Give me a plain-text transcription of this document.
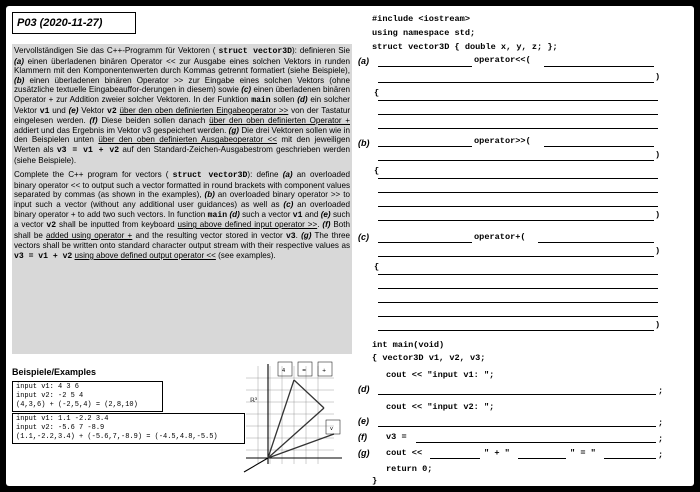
P03 (2020-11-27)

Vervollständigen Sie das C++-Programm für Vektoren ( struct vector3D): definieren Sie (a) einen überladenen binären Operator << zur Ausgabe eines solchen Vektors in runden Klammern mit den Komponentenwerten durch Kommas getrennt formatiert (siehe Beispiele), (b) einen überladenen binären Operator >> zur Eingabe eines solchen Vektors (ohne zusätzliche textuelle Eingabeauffor-derungen in diesem) sowie (c) einen überladenen binären Operator + zur Addition zweier solcher Vektoren. In der Funktion main sollen (d) ein solcher Vektor v1 und (e) Vektor v2 über den oben definierten Eingabeoperator >> von der Tastatur eingelesen werden. (f) Diese beiden sollen danach über den oben definierten Operator + addiert und das Ergebnis im Vektor v3 gespeichert werden. (g) Die drei Vektoren sollen wie in den Beispielen unten über den oben definierten Ausgabeoperator << mit den jeweiligen Werten als v3 = v1 + v2 auf den Standard-Zeichen-Ausgabestrom geschrieben werden (siehe Beispiele).

Complete the C++ program for vectors ( struct vector3D): define (a) an overloaded binary operator << to output such a vector formatted in round brackets with component values separated by commas (as shown in the examples), (b) an overloaded binary operator >> to input such a vector (without any additional user guidances) as well as (c) an overloaded binary operator + to add two such vectors. In function main (d) such a vector v1 and (e) such a vector v2 shall be inputted from keyboard using above defined input operator >>. (f) Both shall be added using operator + and the resulting vector stored in vector v3. (g) The three vectors shall be written onto standard character output stream with their respective values as v3 = v1 + v2 using above defined output operator << (see examples).

Beispiele/Examples
input v1: 4 3 6
input v2: -2 5 4
(4,3,6) + (-2,5,4) = (2,8,10)
input v1: 1.1 -2.2 3.4
input v2: -5.6 7 -8.9
(1.1,-2.2,3.4) + (-5.6,7,-8.9) = (-4.5,4.8,-5.5)
4	=	+
v
ℝ³
#include <iostream>
using namespace std;
struct vector3D { double x, y, z; };
(a)	operator<<(
)
{
(b)	operator>>(
)
{
)
(c)	operator+(
)
{
)
int main(void)
{ vector3D v1, v2, v3;
cout << "input v1: ";
(d)	;
cout << "input v2: ";
(e)	;
(f) v3 =	;
(g) cout <<	" + "	" = "	;
return 0;
}
